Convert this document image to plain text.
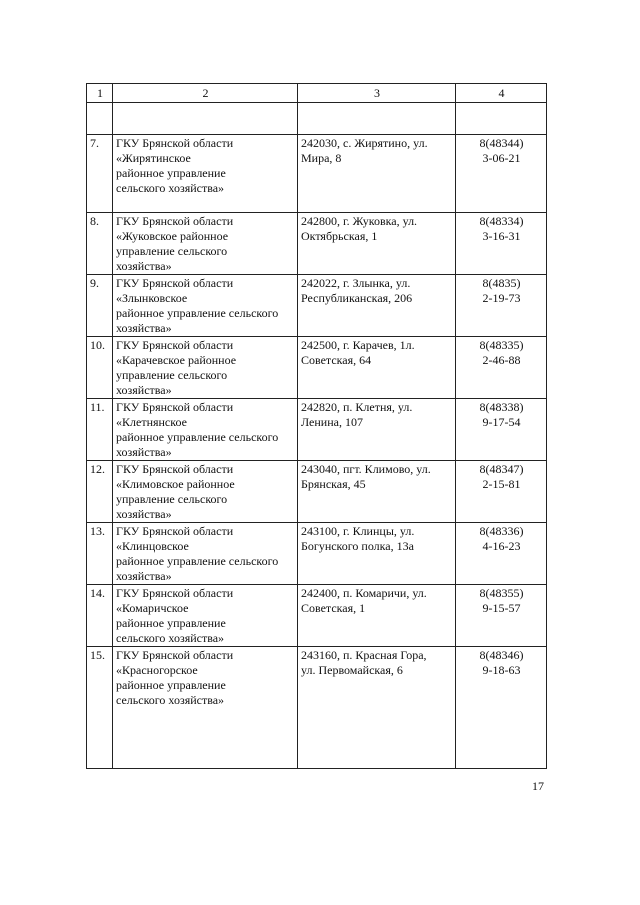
1	2	3	4

7.	ГКУ Брянской области
«Жирятинское
районное управление
сельского хозяйства»	242030, с. Жирятино, ул.
Мира, 8	8(48344)
3-06-21

8.	ГКУ Брянской области
«Жуковское районное
управление сельского
хозяйства»	242800, г. Жуковка, ул.
Октябрьская, 1	8(48334)
3-16-31

9.	ГКУ Брянской области
«Злынковское
районное управление сельского
хозяйства»	242022, г. Злынка, ул.
Республиканская, 206	8(4835)
2-19-73

10.	ГКУ Брянской области
«Карачевское районное
управление сельского
хозяйства»	242500, г. Карачев, 1л.
Советская, 64	8(48335)
2-46-88

11.	ГКУ Брянской области
«Клетнянское
районное управление сельского
хозяйства»	242820, п. Клетня, ул.
Ленина, 107	8(48338)
9-17-54

12.	ГКУ Брянской области
«Климовское районное
управление сельского
хозяйства»	243040, пгт. Климово, ул.
Брянская, 45	8(48347)
2-15-81

13.	ГКУ Брянской области
«Клинцовское
районное управление сельского
хозяйства»	243100, г. Клинцы, ул.
Богунского полка, 13а	8(48336)
4-16-23

14.	ГКУ Брянской области
«Комаричское
районное управление
сельского хозяйства»	242400, п. Комаричи, ул.
Советская, 1	8(48355)
9-15-57

15.	ГКУ Брянской области
«Красногорское
районное управление
сельского хозяйства»	243160, п. Красная Гора,
ул. Первомайская, 6	8(48346)
9-18-63
17
